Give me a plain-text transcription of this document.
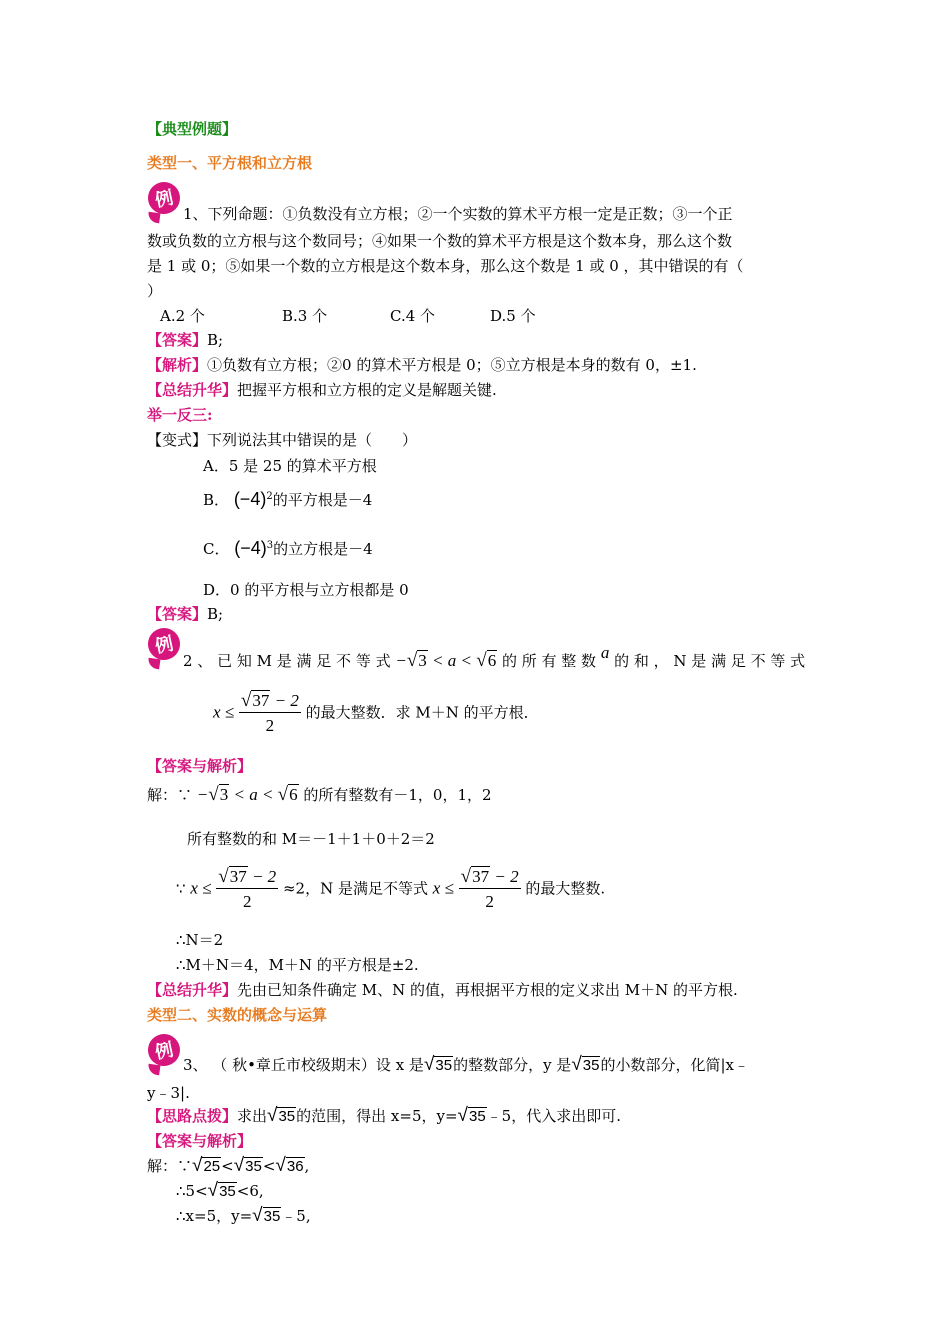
【典型例题】
类型一、平方根和立方根
例
1、下列命题：①负数没有立方根；②一个实数的算术平方根一定是正数；③一个正
数或负数的立方根与这个数同号；④如果一个数的算术平方根是这个数本身，那么这个数
是 1 或 0；⑤如果一个数的立方根是这个数本身，那么这个数是 1 或 0 ，其中错误的有（
）
A.2 个	B.3 个	C.4 个	D.5 个
【答案】B;
【解析】①负数有立方根；②0 的算术平方根是 0；⑤立方根是本身的数有 0，±1.
【总结升华】把握平方根和立方根的定义是解题关键.
举一反三:
【变式】下列说法其中错误的是（　　）
A．5 是 25 的算术平方根
B． $(-4)^2$的平方根是－4
C． $(-4)^3$的立方根是－4
D．0 的平方根与立方根都是 0
【答案】B;
例
2 、 已 知 M 是 满 足 不 等 式 −√3 < a < √6 的 所 有 整 数 a 的 和 ， N 是 满 足 不 等 式
$x \le \frac{√37 - 2}{2}$ 的最大整数．求 M＋N 的平方根．
【答案与解析】
解：∵ −√3 < a < √6 的所有整数有－1，0，1，2
所有整数的和 M＝－1＋1＋0＋2＝2
∵ $x \le \frac{√37 - 2}{2} \approx 2$，N 是满足不等式 $x \le \frac{√37 - 2}{2}$ 的最大整数.
∴N＝2
∴M＋N＝4，M＋N 的平方根是±2.
【总结升华】先由已知条件确定 M、N 的值，再根据平方根的定义求出 M＋N 的平方根.
类型二、实数的概念与运算
例
3、 （ 秋•章丘市校级期末）设 x 是√35的整数部分，y 是√35的小数部分，化简|x﹣
y﹣3|.
【思路点拨】求出√35的范围，得出 x=5，y=√35﹣5，代入求出即可.
【答案与解析】
解：∵√25<√35<√36,
∴5<√35<6,
∴x=5，y=√35﹣5,
